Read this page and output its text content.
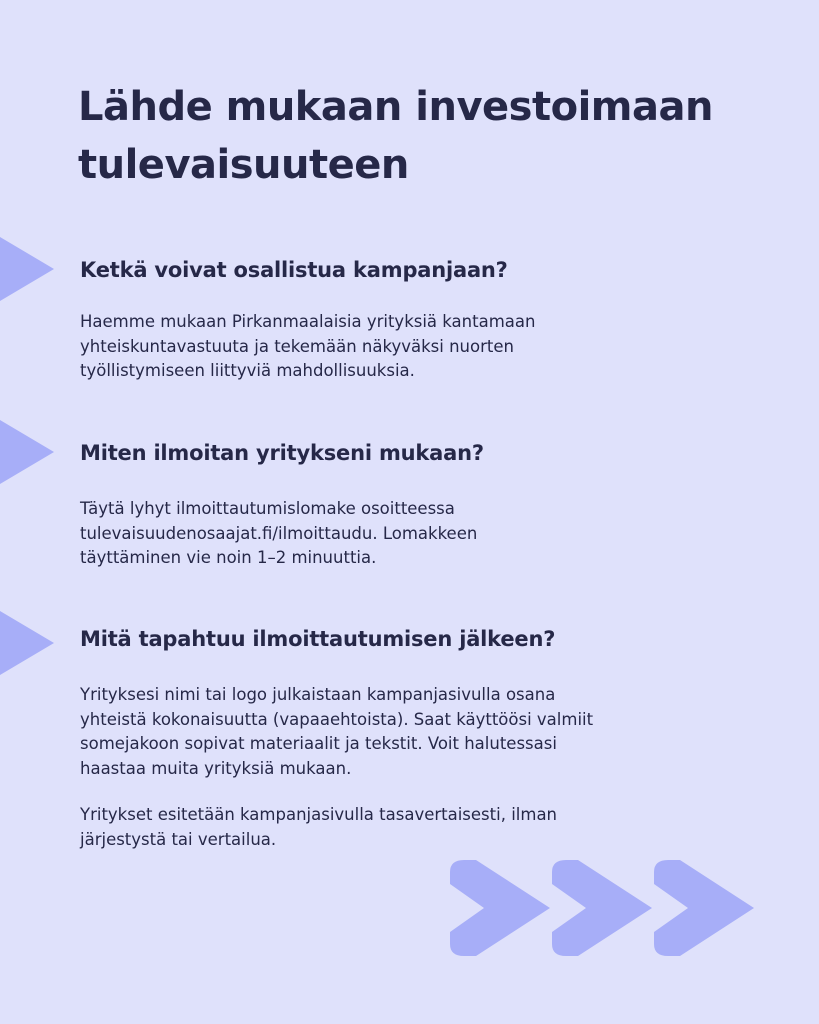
Lähde mukaan investoimaan
tulevaisuuteen
Ketkä voivat osallistua kampanjaan?

Haemme mukaan Pirkanmaalaisia yrityksiä kantamaan
yhteiskuntavastuuta ja tekemään näkyväksi nuorten
työllistymiseen liittyviä mahdollisuuksia.

Miten ilmoitan yritykseni mukaan?

Täytä lyhyt ilmoittautumislomake osoitteessa
tulevaisuudenosaajat.fi/ilmoittaudu. Lomakkeen
täyttäminen vie noin 1–2 minuuttia.

Mitä tapahtuu ilmoittautumisen jälkeen?

Yrityksesi nimi tai logo julkaistaan kampanjasivulla osana
yhteistä kokonaisuutta (vapaaehtoista). Saat käyttöösi valmiit
somejakoon sopivat materiaalit ja tekstit. Voit halutessasi
haastaa muita yrityksiä mukaan.

Yritykset esitetään kampanjasivulla tasavertaisesti, ilman
järjestystä tai vertailua.
